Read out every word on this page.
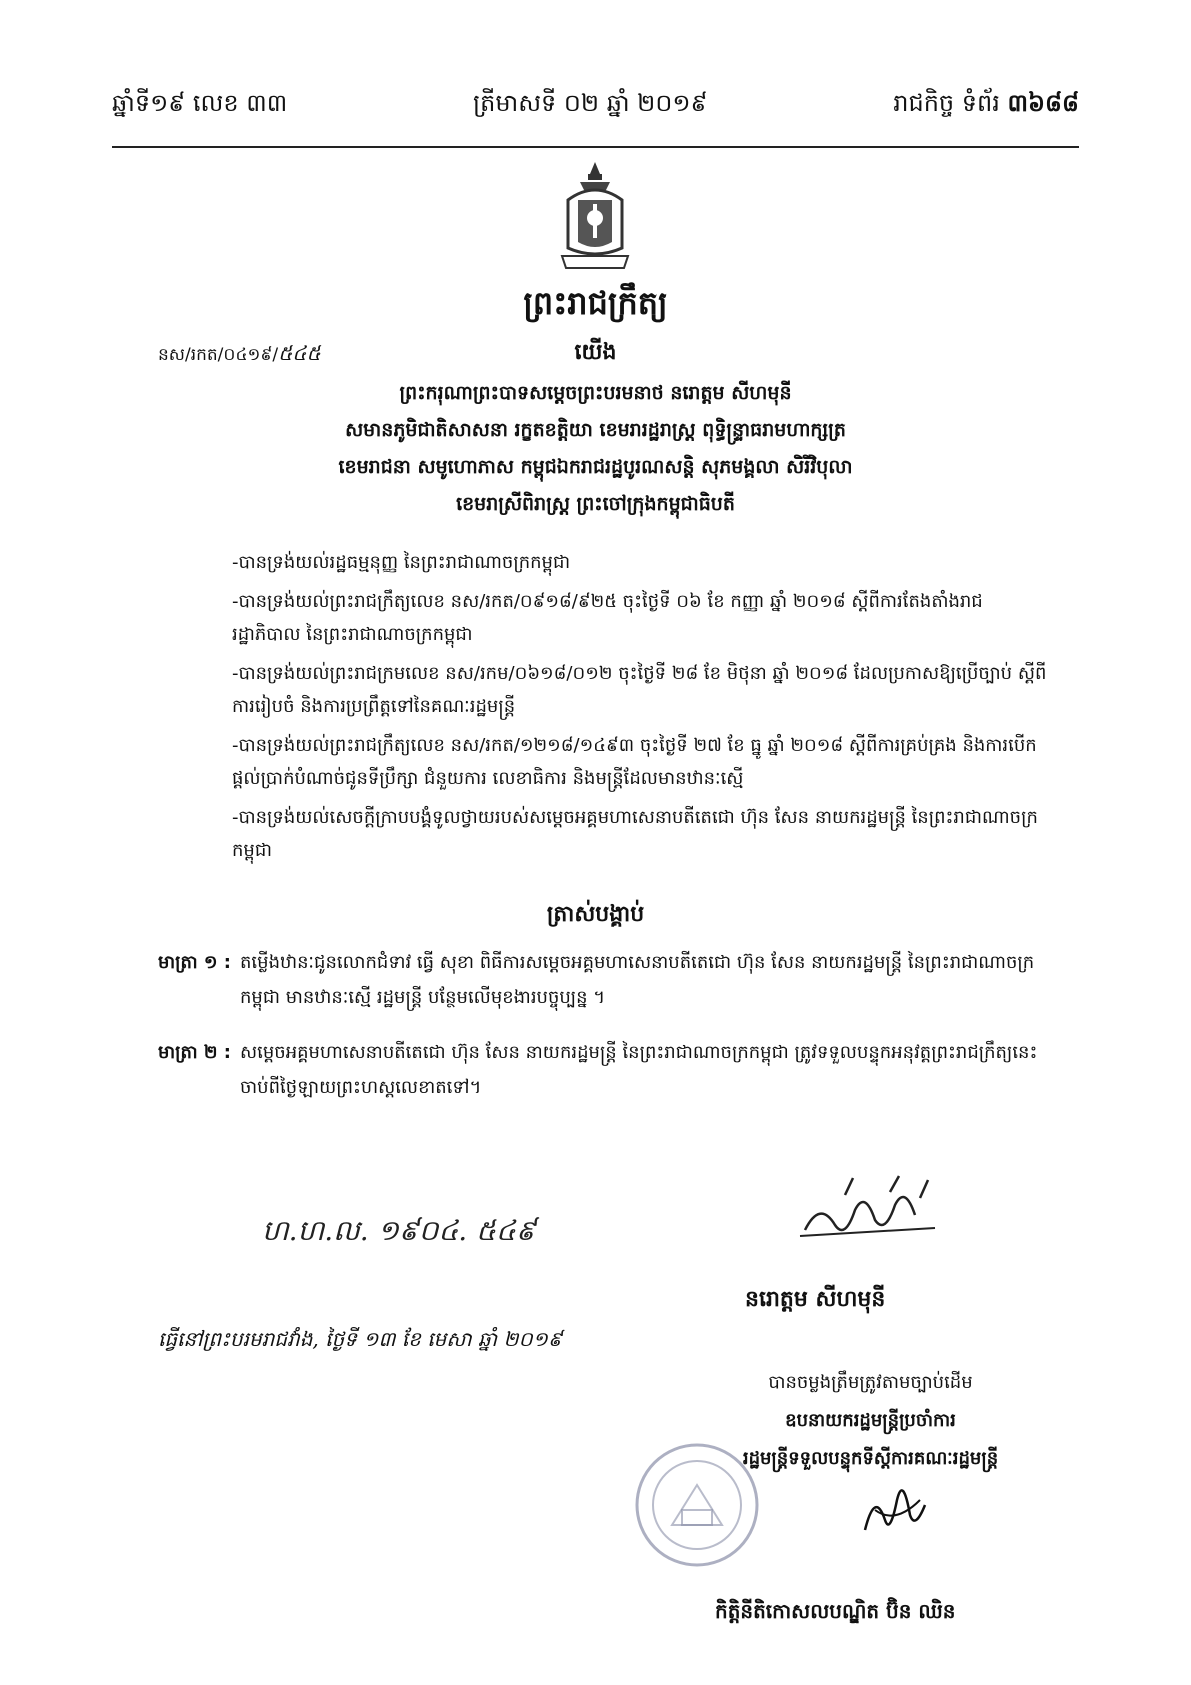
ឆ្នាំទី១៩ លេខ ៣៣	ត្រីមាសទី ០២ ឆ្នាំ ២០១៩	រាជកិច្ច ទំព័រ ៣៦៨៨
ព្រះរាជក្រឹត្យ
នស/រកត/០៤១៩/៥៤៥	យើង
ព្រះករុណាព្រះបាទសម្តេចព្រះបរមនាថ នរោត្តម សីហមុនី
សមានភូមិជាតិសាសនា រក្ខតខត្តិយា ខេមរារដ្ឋរាស្ត្រ ពុទ្ធិន្ទ្រាធរាមហាក្សត្រ
ខេមរាជនា សមូហោភាស កម្ពុជឯករាជរដ្ឋបូរណសន្តិ សុភមង្គលា សិរីវិបុលា
ខេមរាស្រីពិរាស្ត្រ ព្រះចៅក្រុងកម្ពុជាធិបតី

-បានទ្រង់យល់រដ្ឋធម្មនុញ្ញ នៃព្រះរាជាណាចក្រកម្ពុជា

-បានទ្រង់យល់ព្រះរាជក្រឹត្យលេខ នស/រកត/០៩១៨/៩២៥ ចុះថ្ងៃទី ០៦ ខែ កញ្ញា ឆ្នាំ ២០១៨ ស្តីពីការតែងតាំងរាជរដ្ឋាភិបាល នៃព្រះរាជាណាចក្រកម្ពុជា

-បានទ្រង់យល់ព្រះរាជក្រមលេខ នស/រកម/០៦១៨/០១២ ចុះថ្ងៃទី ២៨ ខែ មិថុនា ឆ្នាំ ២០១៨ ដែលប្រកាសឱ្យប្រើច្បាប់ ស្តីពីការរៀបចំ និងការប្រព្រឹត្តទៅនៃគណៈរដ្ឋមន្ត្រី

-បានទ្រង់យល់ព្រះរាជក្រឹត្យលេខ នស/រកត/១២១៨/១៤៩៣ ចុះថ្ងៃទី ២៧ ខែ ធ្នូ ឆ្នាំ ២០១៨ ស្តីពីការគ្រប់គ្រង និងការបើកផ្តល់ប្រាក់បំណាច់ជូនទីប្រឹក្សា ជំនួយការ លេខាធិការ និងមន្ត្រីដែលមានឋានៈស្មើ

-បានទ្រង់យល់សេចក្តីក្រាបបង្គំទូលថ្វាយរបស់សម្តេចអគ្គមហាសេនាបតីតេជោ ហ៊ុន សែន នាយករដ្ឋមន្ត្រី នៃព្រះរាជាណាចក្រកម្ពុជា

ត្រាស់បង្គាប់
មាត្រា ១ : តម្លើងឋានៈជូនលោកជំទាវ ធ្វើ សុខា ពិធីការសម្តេចអគ្គមហាសេនាបតីតេជោ ហ៊ុន សែន នាយករដ្ឋមន្ត្រី នៃព្រះរាជាណាចក្រកម្ពុជា មានឋានៈស្មើ រដ្ឋមន្ត្រី បន្ថែមលើមុខងារបច្ចុប្បន្ន ។
មាត្រា ២ : សម្តេចអគ្គមហាសេនាបតីតេជោ ហ៊ុន សែន នាយករដ្ឋមន្ត្រី នៃព្រះរាជាណាចក្រកម្ពុជា ត្រូវទទួលបន្ទុកអនុវត្តព្រះរាជក្រឹត្យនេះ ចាប់ពីថ្ងៃឡាយព្រះហស្តលេខាតទៅ។
ហ.ហ.ល. ១៩០៤. ៥៤៩
នរោត្តម សីហមុនី
ធ្វើនៅព្រះបរមរាជវាំង, ថ្ងៃទី ១៣ ខែ មេសា ឆ្នាំ ២០១៩
បានចម្លងត្រឹមត្រូវតាមច្បាប់ដើម
ឧបនាយករដ្ឋមន្ត្រីប្រចាំការ
រដ្ឋមន្ត្រីទទួលបន្ទុកទីស្តីការគណៈរដ្ឋមន្ត្រី
កិត្តិនីតិកោសលបណ្ឌិត ប៊ិន ឈិន
